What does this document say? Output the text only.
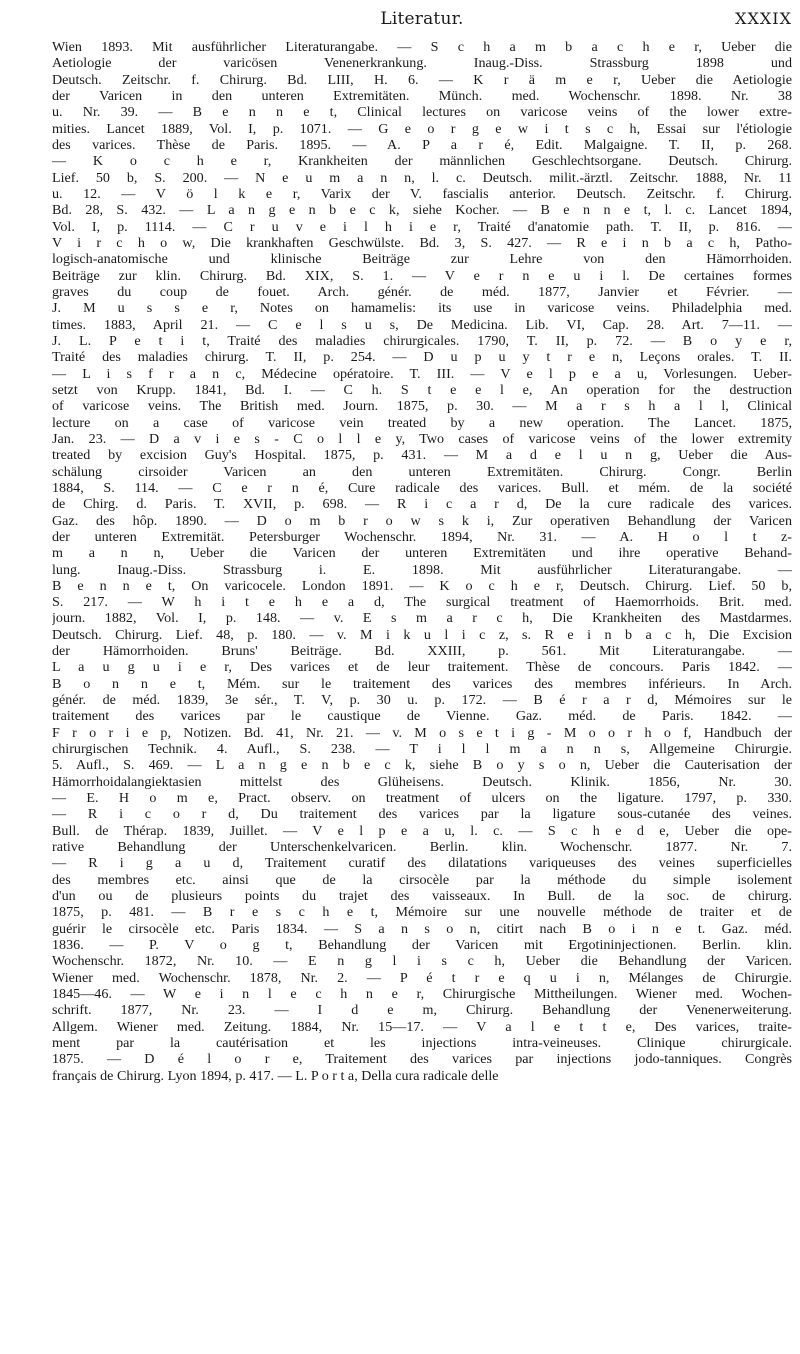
Literatur.	XXXIX
Wien 1893. Mit ausführlicher Literaturangabe. — S c h a m b a c h e r, Ueber die
Aetiologie der varicösen Venenerkrankung. Inaug.-Diss. Strassburg 1898 und
Deutsch. Zeitschr. f. Chirurg. Bd. LIII, H. 6. — K r ä m e r, Ueber die Aetiologie
der Varicen in den unteren Extremitäten. Münch. med. Wochenschr. 1898. Nr. 38
u. Nr. 39. — B e n n e t, Clinical lectures on varicose veins of the lower extre-
mities. Lancet 1889, Vol. I, p. 1071. — G e o r g e w i t s c h, Essai sur l'étiologie
des varices. Thèse de Paris. 1895. — A. P a r é, Edit. Malgaigne. T. II, p. 268.
— K o c h e r, Krankheiten der männlichen Geschlechtsorgane. Deutsch. Chirurg.
Lief. 50 b, S. 200. — N e u m a n n, l. c. Deutsch. milit.-ärztl. Zeitschr. 1888, Nr. 11
u. 12. — V ö l k e r, Varix der V. fascialis anterior. Deutsch. Zeitschr. f. Chirurg.
Bd. 28, S. 432. — L a n g e n b e c k, siehe Kocher. — B e n n e t, l. c. Lancet 1894,
Vol. I, p. 1114. — C r u v e i l h i e r, Traité d'anatomie path. T. II, p. 816. —
V i r c h o w, Die krankhaften Geschwülste. Bd. 3, S. 427. — R e i n b a c h, Patho-
logisch-anatomische und klinische Beiträge zur Lehre von den Hämorrhoiden.
Beiträge zur klin. Chirurg. Bd. XIX, S. 1. — V e r n e u i l. De certaines formes
graves du coup de fouet. Arch. génér. de méd. 1877, Janvier et Février. —
J. M u s s e r, Notes on hamamelis: its use in varicose veins. Philadelphia med.
times. 1883, April 21. — C e l s u s, De Medicina. Lib. VI, Cap. 28. Art. 7—11. —
J. L. P e t i t, Traité des maladies chirurgicales. 1790, T. II, p. 72. — B o y e r,
Traité des maladies chirurg. T. II, p. 254. — D u p u y t r e n, Leçons orales. T. II.
— L i s f r a n c, Médecine opératoire. T. III. — V e l p e a u, Vorlesungen. Ueber-
setzt von Krupp. 1841, Bd. I. — C h. S t e e l e, An operation for the destruction
of varicose veins. The British med. Journ. 1875, p. 30. — M a r s h a l l, Clinical
lecture on a case of varicose vein treated by a new operation. The Lancet. 1875,
Jan. 23. — D a v i e s - C o l l e y, Two cases of varicose veins of the lower extremity
treated by excision Guy's Hospital. 1875, p. 431. — M a d e l u n g, Ueber die Aus-
schälung cirsoider Varicen an den unteren Extremitäten. Chirurg. Congr. Berlin
1884, S. 114. — C e r n é, Cure radicale des varices. Bull. et mém. de la société
de Chirg. d. Paris. T. XVII, p. 698. — R i c a r d, De la cure radicale des varices.
Gaz. des hôp. 1890. — D o m b r o w s k i, Zur operativen Behandlung der Varicen
der unteren Extremität. Petersburger Wochenschr. 1894, Nr. 31. — A. H o l t z-
m a n n, Ueber die Varicen der unteren Extremitäten und ihre operative Behand-
lung. Inaug.-Diss. Strassburg i. E. 1898. Mit ausführlicher Literaturangabe. —
B e n n e t, On varicocele. London 1891. — K o c h e r, Deutsch. Chirurg. Lief. 50 b,
S. 217. — W h i t e h e a d, The surgical treatment of Haemorrhoids. Brit. med.
journ. 1882, Vol. I, p. 148. — v. E s m a r c h, Die Krankheiten des Mastdarmes.
Deutsch. Chirurg. Lief. 48, p. 180. — v. M i k u l i c z, s. R e i n b a c h, Die Excision
der Hämorrhoiden. Bruns' Beiträge. Bd. XXIII, p. 561. Mit Literaturangabe. —
L a u g u i e r, Des varices et de leur traitement. Thèse de concours. Paris 1842. —
B o n n e t, Mém. sur le traitement des varices des membres inférieurs. In Arch.
génér. de méd. 1839, 3e sér., T. V, p. 30 u. p. 172. — B é r a r d, Mémoires sur le
traitement des varices par le caustique de Vienne. Gaz. méd. de Paris. 1842. —
F r o r i e p, Notizen. Bd. 41, Nr. 21. — v. M o s e t i g - M o o r h o f, Handbuch der
chirurgischen Technik. 4. Aufl., S. 238. — T i l l m a n n s, Allgemeine Chirurgie.
5. Aufl., S. 469. — L a n g e n b e c k, siehe B o y s o n, Ueber die Cauterisation der
Hämorrhoidalangiektasien mittelst des Glüheisens. Deutsch. Klinik. 1856, Nr. 30.
— E. H o m e, Pract. observ. on treatment of ulcers on the ligature. 1797, p. 330.
— R i c o r d, Du traitement des varices par la ligature sous-cutanée des veines.
Bull. de Thérap. 1839, Juillet. — V e l p e a u, l. c. — S c h e d e, Ueber die ope-
rative Behandlung der Unterschenkelvaricen. Berlin. klin. Wochenschr. 1877. Nr. 7.
— R i g a u d, Traitement curatif des dilatations variqueuses des veines superficielles
des membres etc. ainsi que de la cirsocèle par la méthode du simple isolement
d'un ou de plusieurs points du trajet des vaisseaux. In Bull. de la soc. de chirurg.
1875, p. 481. — B r e s c h e t, Mémoire sur une nouvelle méthode de traiter et de
guérir le cirsocèle etc. Paris 1834. — S a n s o n, citirt nach B o i n e t. Gaz. méd.
1836. — P. V o g t, Behandlung der Varicen mit Ergotininjectionen. Berlin. klin.
Wochenschr. 1872, Nr. 10. — E n g l i s c h, Ueber die Behandlung der Varicen.
Wiener med. Wochenschr. 1878, Nr. 2. — P é t r e q u i n, Mélanges de Chirurgie.
1845—46. — W e i n l e c h n e r, Chirurgische Mittheilungen. Wiener med. Wochen-
schrift. 1877, Nr. 23. — I d e m, Chirurg. Behandlung der Venenerweiterung.
Allgem. Wiener med. Zeitung. 1884, Nr. 15—17. — V a l e t t e, Des varices, traite-
ment par la cautérisation et les injections intra-veineuses. Clinique chirurgicale.
1875. — D é l o r e, Traitement des varices par injections jodo-tanniques. Congrès
français de Chirurg. Lyon 1894, p. 417. — L. P o r t a, Della cura radicale delle
